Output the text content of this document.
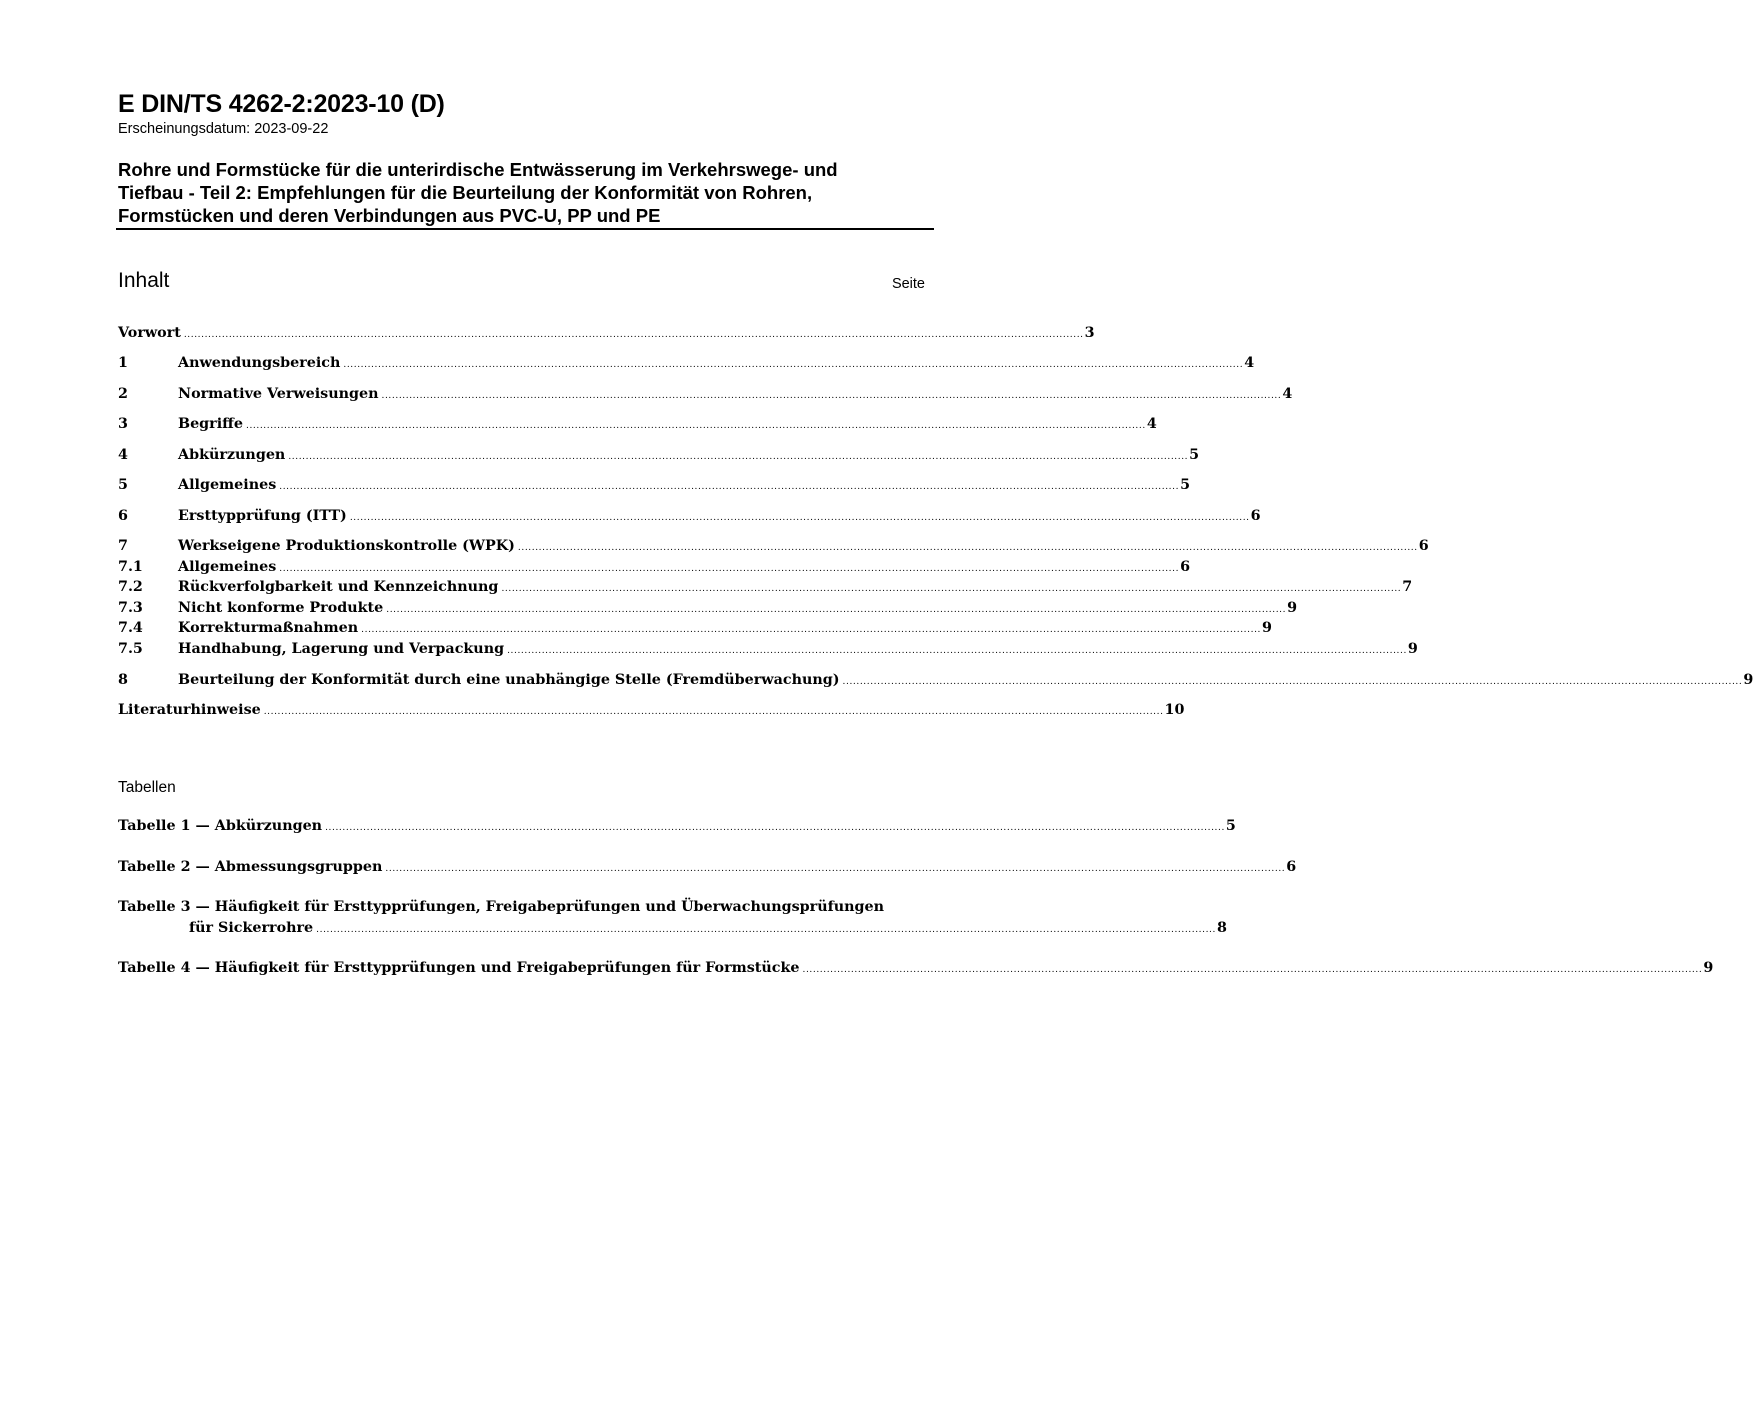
E DIN/TS 4262-2:2023-10 (D)
Erscheinungsdatum: 2023-09-22
Rohre und Formstücke für die unterirdische Entwässerung im Verkehrswege- und
Tiefbau - Teil 2: Empfehlungen für die Beurteilung der Konformität von Rohren,
Formstücken und deren Verbindungen aus PVC-U, PP und PE
Inhalt	Seite
Vorwort .................................................................................................................................................................................................................................................................... 3
1	Anwendungsbereich .................................................................................................................................................................................................................................................................... 4
2	Normative Verweisungen .................................................................................................................................................................................................................................................................... 4
3	Begriffe .................................................................................................................................................................................................................................................................... 4
4	Abkürzungen .................................................................................................................................................................................................................................................................... 5
5	Allgemeines .................................................................................................................................................................................................................................................................... 5
6	Ersttypprüfung (ITT) .................................................................................................................................................................................................................................................................... 6
7	Werkseigene Produktionskontrolle (WPK) .................................................................................................................................................................................................................................................................... 6
7.1	Allgemeines .................................................................................................................................................................................................................................................................... 6
7.2	Rückverfolgbarkeit und Kennzeichnung .................................................................................................................................................................................................................................................................... 7
7.3	Nicht konforme Produkte .................................................................................................................................................................................................................................................................... 9
7.4	Korrekturmaßnahmen .................................................................................................................................................................................................................................................................... 9
7.5	Handhabung, Lagerung und Verpackung .................................................................................................................................................................................................................................................................... 9
8	Beurteilung der Konformität durch eine unabhängige Stelle (Fremdüberwachung) .................................................................................................................................................................................................................................................................... 9
Literaturhinweise .................................................................................................................................................................................................................................................................... 10
Tabellen
Tabelle 1 — Abkürzungen .................................................................................................................................................................................................................................................................... 5
Tabelle 2 — Abmessungsgruppen .................................................................................................................................................................................................................................................................... 6
Tabelle 3 — Häufigkeit für Ersttypprüfungen, Freigabeprüfungen und Überwachungsprüfungen
für Sickerrohre .................................................................................................................................................................................................................................................................... 8
Tabelle 4 — Häufigkeit für Ersttypprüfungen und Freigabeprüfungen für Formstücke .................................................................................................................................................................................................................................................................... 9
